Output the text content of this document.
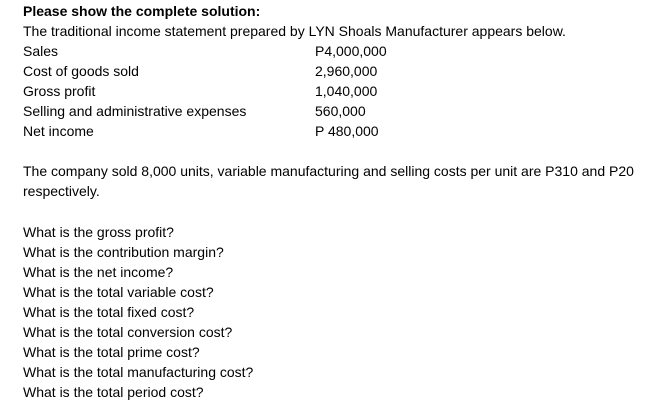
Please show the complete solution:
The traditional income statement prepared by LYN Shoals Manufacturer appears below.
Sales	P4,000,000
Cost of goods sold	2,960,000
Gross profit	1,040,000
Selling and administrative expenses	560,000
Net income	P 480,000
The company sold 8,000 units, variable manufacturing and selling costs per unit are P310 and P20 respectively.
What is the gross profit?
What is the contribution margin?
What is the net income?
What is the total variable cost?
What is the total fixed cost?
What is the total conversion cost?
What is the total prime cost?
What is the total manufacturing cost?
What is the total period cost?
